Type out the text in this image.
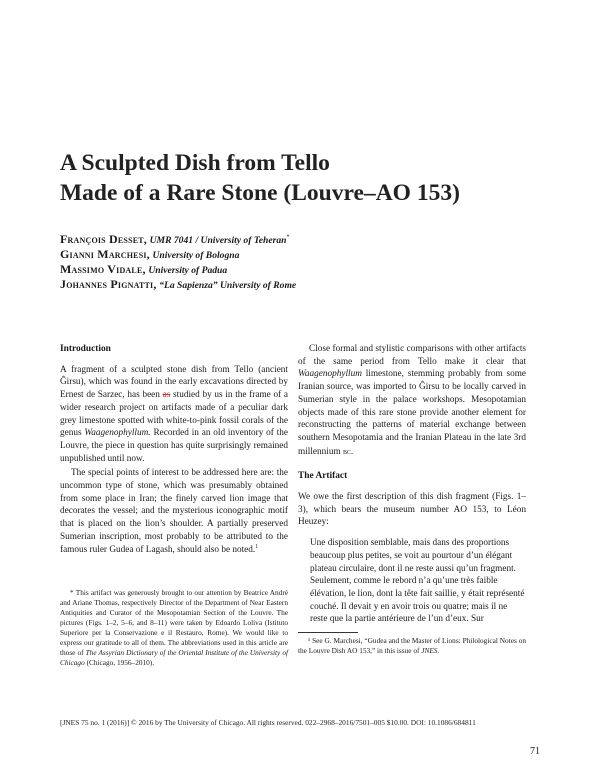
A Sculpted Dish from Tello
Made of a Rare Stone (Louvre–AO 153)
François Desset, UMR 7041 / University of Teheran*
Gianni Marchesi, University of Bologna
Massimo Vidale, University of Padua
Johannes Pignatti, “La Sapienza” University of Rome
Introduction

A fragment of a sculpted stone dish from Tello (ancient Ĝirsu), which was found in the early excavations directed by Ernest de Sarzec, has been as studied by us in the frame of a wider research project on artifacts made of a peculiar dark grey limestone spotted with white-to-pink fossil corals of the genus Waagenophyllum. Recorded in an old inventory of the Louvre, the piece in question has quite surprisingly remained unpublished until now.

The special points of interest to be addressed here are: the uncommon type of stone, which was presumably obtained from some place in Iran; the finely carved lion image that decorates the vessel; and the mysterious iconographic motif that is placed on the lion’s shoulder. A partially preserved Sumerian inscription, most probably to be attributed to the famous ruler Gudea of Lagash, should also be noted.$^1$

* This artifact was generously brought to our attention by Beatrice André and Ariane Thomas, respectively Director of the Department of Near Eastern Antiquities and Curator of the Mesopotamian Section of the Louvre. The pictures (Figs. 1–2, 5–6, and 8–11) were taken by Edoardo Loliva (Istituto Superiore per la Conservazione e il Restauro, Rome). We would like to express our gratitude to all of them. The abbreviations used in this article are those of The Assyrian Dictionary of the Oriental Institute of the University of Chicago (Chicago, 1956–2010).

Close formal and stylistic comparisons with other artifacts of the same period from Tello make it clear that Waagenophyllum limestone, stemming probably from some Iranian source, was imported to Ĝirsu to be locally carved in Sumerian style in the palace workshops. Mesopotamian objects made of this rare stone provide another element for reconstructing the patterns of material exchange between southern Mesopotamia and the Iranian Plateau in the late 3rd millennium bc.

The Artifact

We owe the first description of this dish fragment (Figs. 1–3), which bears the museum number AO 153, to Léon Heuzey:

Une disposition semblable, mais dans des proportions beaucoup plus petites, se voit au pourtour d’un élégant plateau circulaire, dont il ne reste aussi qu’un fragment. Seulement, comme le rebord n’a qu’une très faible élévation, le lion, dont la tête fait saillie, y était représenté couché. Il devait y en avoir trois ou quatre; mais il ne reste que la partie antérieure de l’un d’eux. Sur

¹ See G. Marchesi, “Gudea and the Master of Lions: Philological Notes on the Louvre Dish AO 153,” in this issue of JNES.

[JNES 75 no. 1 (2016)] © 2016 by The University of Chicago. All rights reserved. 022–2968–2016/7501–005 $10.00. DOI: 10.1086/684811
71
